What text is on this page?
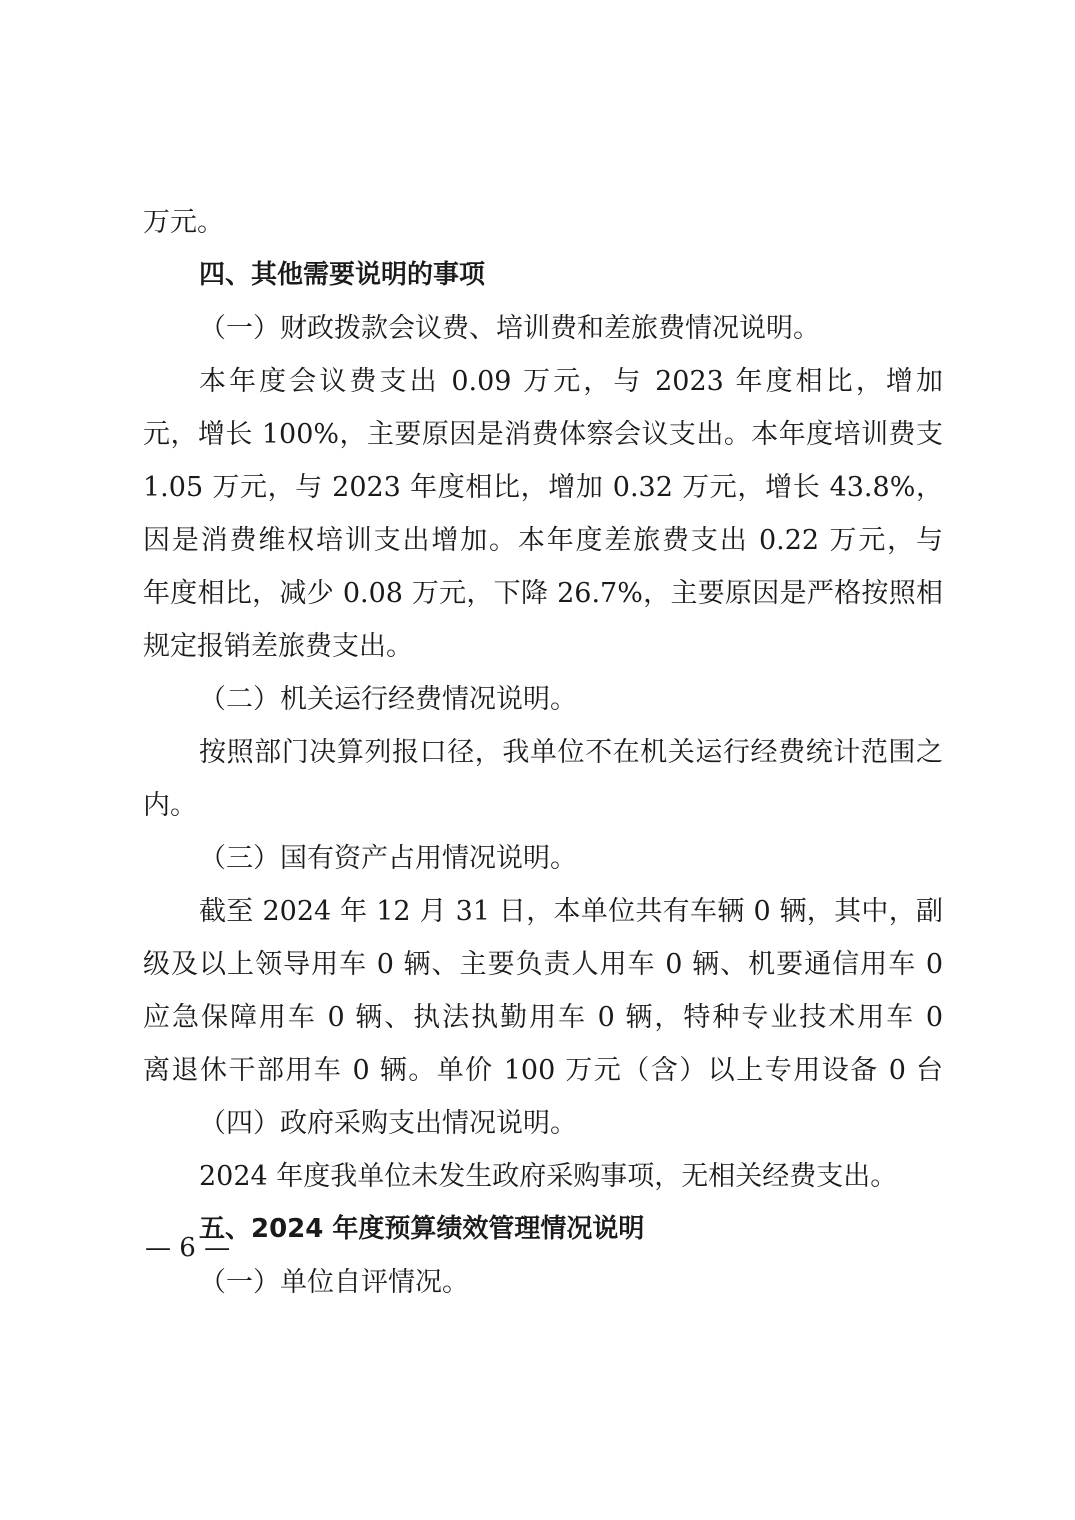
万元。

四、其他需要说明的事项

（一）财政拨款会议费、培训费和差旅费情况说明。

本年度会议费支出 0.09 万元，与 2023 年度相比，增加

元，增长 100%，主要原因是消费体察会议支出。本年度培训费支

1.05 万元，与 2023 年度相比，增加 0.32 万元，增长 43.8%，

因是消费维权培训支出增加。本年度差旅费支出 0.22 万元，与

年度相比，减少 0.08 万元，下降 26.7%，主要原因是严格按照相

规定报销差旅费支出。

（二）机关运行经费情况说明。

按照部门决算列报口径，我单位不在机关运行经费统计范围之

内。

（三）国有资产占用情况说明。

截至 2024 年 12 月 31 日，本单位共有车辆 0 辆，其中，副

级及以上领导用车 0 辆、主要负责人用车 0 辆、机要通信用车 0

应急保障用车 0 辆、执法执勤用车 0 辆，特种专业技术用车 0

离退休干部用车 0 辆。单价 100 万元（含）以上专用设备 0 台

（四）政府采购支出情况说明。

2024 年度我单位未发生政府采购事项，无相关经费支出。

五、2024 年度预算绩效管理情况说明

（一）单位自评情况。

— 6 —
